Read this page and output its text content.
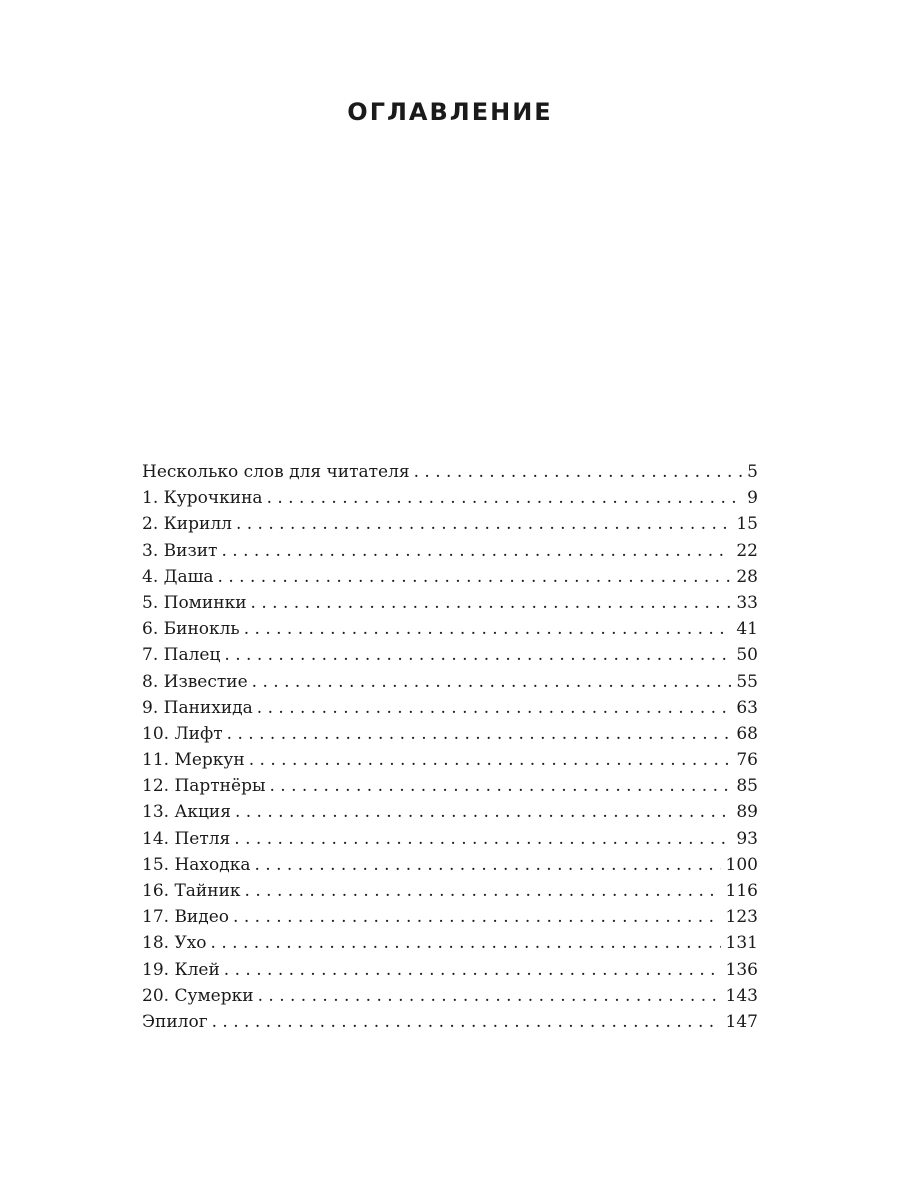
ОГЛАВЛЕНИЕ
Несколько слов для читателя . . .	5
1. Курочкина . . .	9
2. Кирилл . . .	15
3. Визит . . .	22
4. Даша . . .	28
5. Поминки . . .	33
6. Бинокль . . .	41
7. Палец . . .	50
8. Известие . . .	55
9. Панихида . . .	63
10. Лифт . . .	68
11. Меркун . . .	76
12. Партнёры . . .	85
13. Акция . . .	89
14. Петля . . .	93
15. Находка . . .	100
16. Тайник . . .	116
17. Видео . . .	123
18. Ухо . . .	131
19. Клей . . .	136
20. Сумерки . . .	143
Эпилог . . .	147
